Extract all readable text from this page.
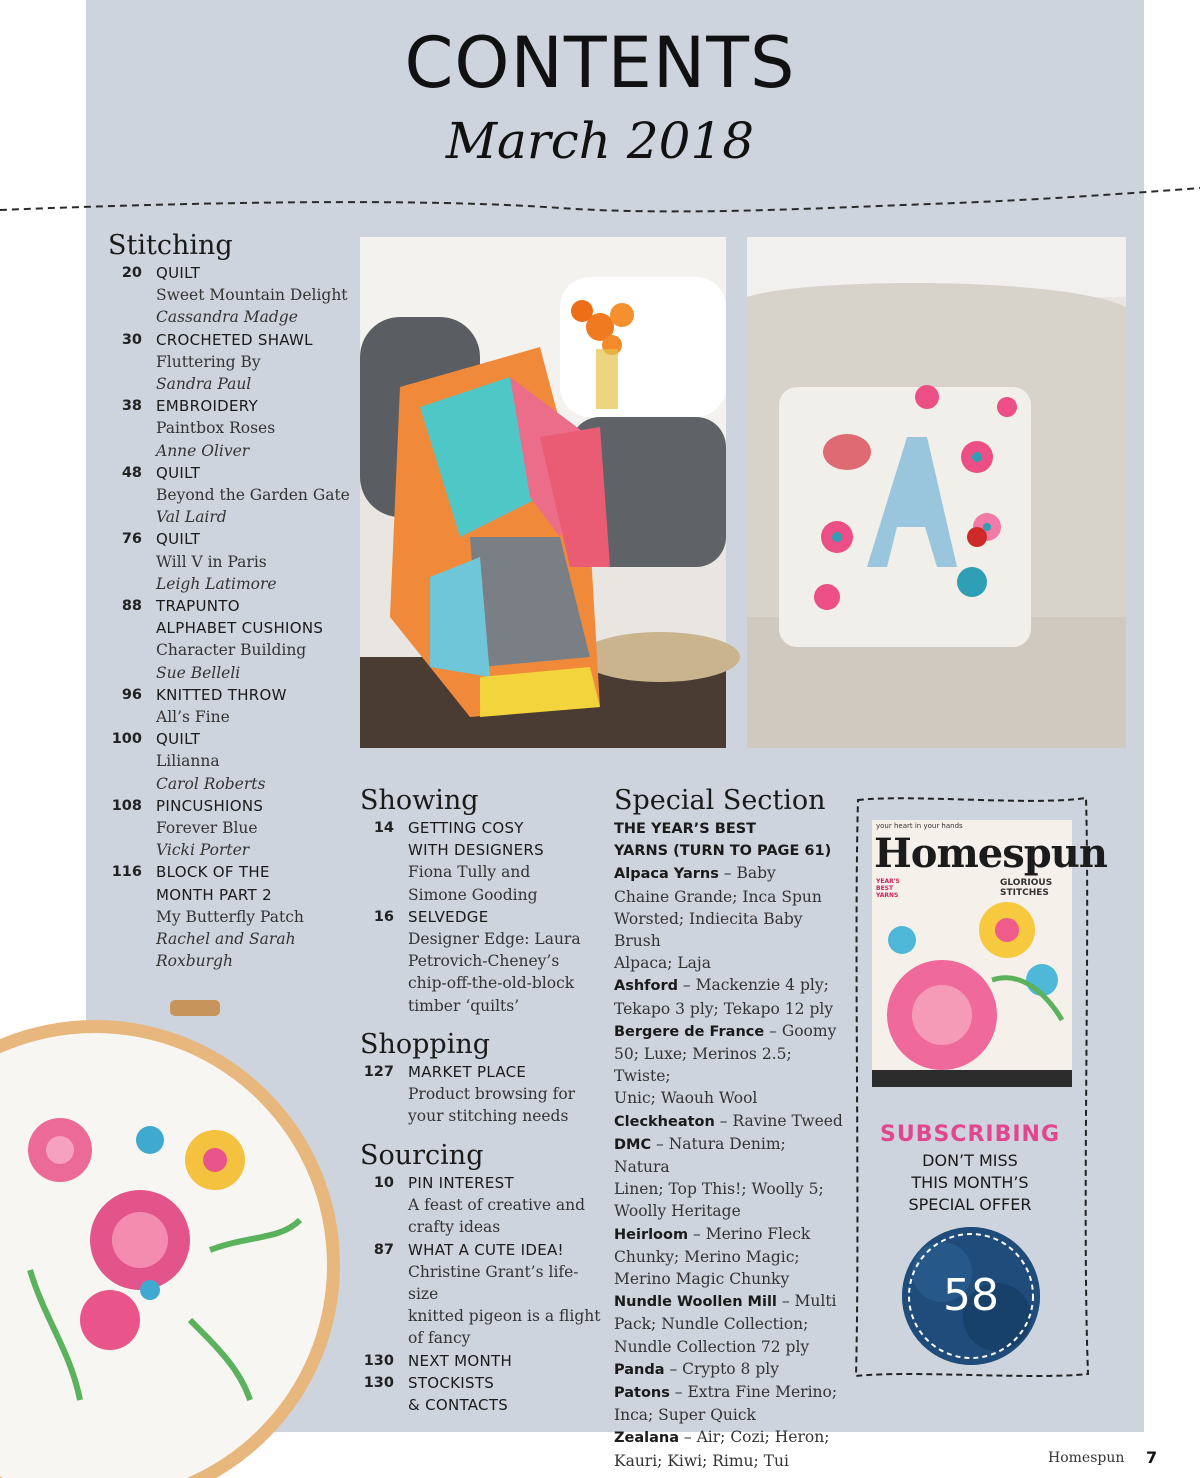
CONTENTS
March 2018
Stitching
20 QUILT
Sweet Mountain Delight
Cassandra Madge
30 CROCHETED SHAWL
Fluttering By
Sandra Paul
38 EMBROIDERY
Paintbox Roses
Anne Oliver
48 QUILT
Beyond the Garden Gate
Val Laird
76 QUILT
Will V in Paris
Leigh Latimore
88 TRAPUNTO
ALPHABET CUSHIONS
Character Building
Sue Belleli
96 KNITTED THROW
All’s Fine
100 QUILT
Lilianna
Carol Roberts
108 PINCUSHIONS
Forever Blue
Vicki Porter
116 BLOCK OF THE
MONTH PART 2
My Butterfly Patch
Rachel and Sarah
Roxburgh
Showing
14 GETTING COSY
WITH DESIGNERS
Fiona Tully and
Simone Gooding
16 SELVEDGE
Designer Edge: Laura
Petrovich-Cheney’s
chip-off-the-old-block
timber ‘quilts’
Shopping
127 MARKET PLACE
Product browsing for
your stitching needs
Sourcing
10 PIN INTEREST
A feast of creative and
crafty ideas
87 WHAT A CUTE IDEA!
Christine Grant’s life-size
knitted pigeon is a flight
of fancy
130 NEXT MONTH
130 STOCKISTS
& CONTACTS
Special Section
THE YEAR’S BEST
YARNS (TURN TO PAGE 61)
Alpaca Yarns – Baby
Chaine Grande; Inca Spun
Worsted; Indiecita Baby Brush
Alpaca; Laja
Ashford – Mackenzie 4 ply;
Tekapo 3 ply; Tekapo 12 ply
Bergere de France – Goomy
50; Luxe; Merinos 2.5; Twiste;
Unic; Waouh Wool
Cleckheaton – Ravine Tweed
DMC – Natura Denim; Natura
Linen; Top This!; Woolly 5;
Woolly Heritage
Heirloom – Merino Fleck
Chunky; Merino Magic;
Merino Magic Chunky
Nundle Woollen Mill – Multi
Pack; Nundle Collection;
Nundle Collection 72 ply
Panda – Crypto 8 ply
Patons – Extra Fine Merino;
Inca; Super Quick
Zealana – Air; Cozi; Heron;
Kauri; Kiwi; Rimu; Tui
your heart in your hands
Homespun
YEAR'S BEST YARNS
GLORIOUS STITCHES
SUBSCRIBING
DON’T MISS
THIS MONTH’S
SPECIAL OFFER
58
Homespun 7
